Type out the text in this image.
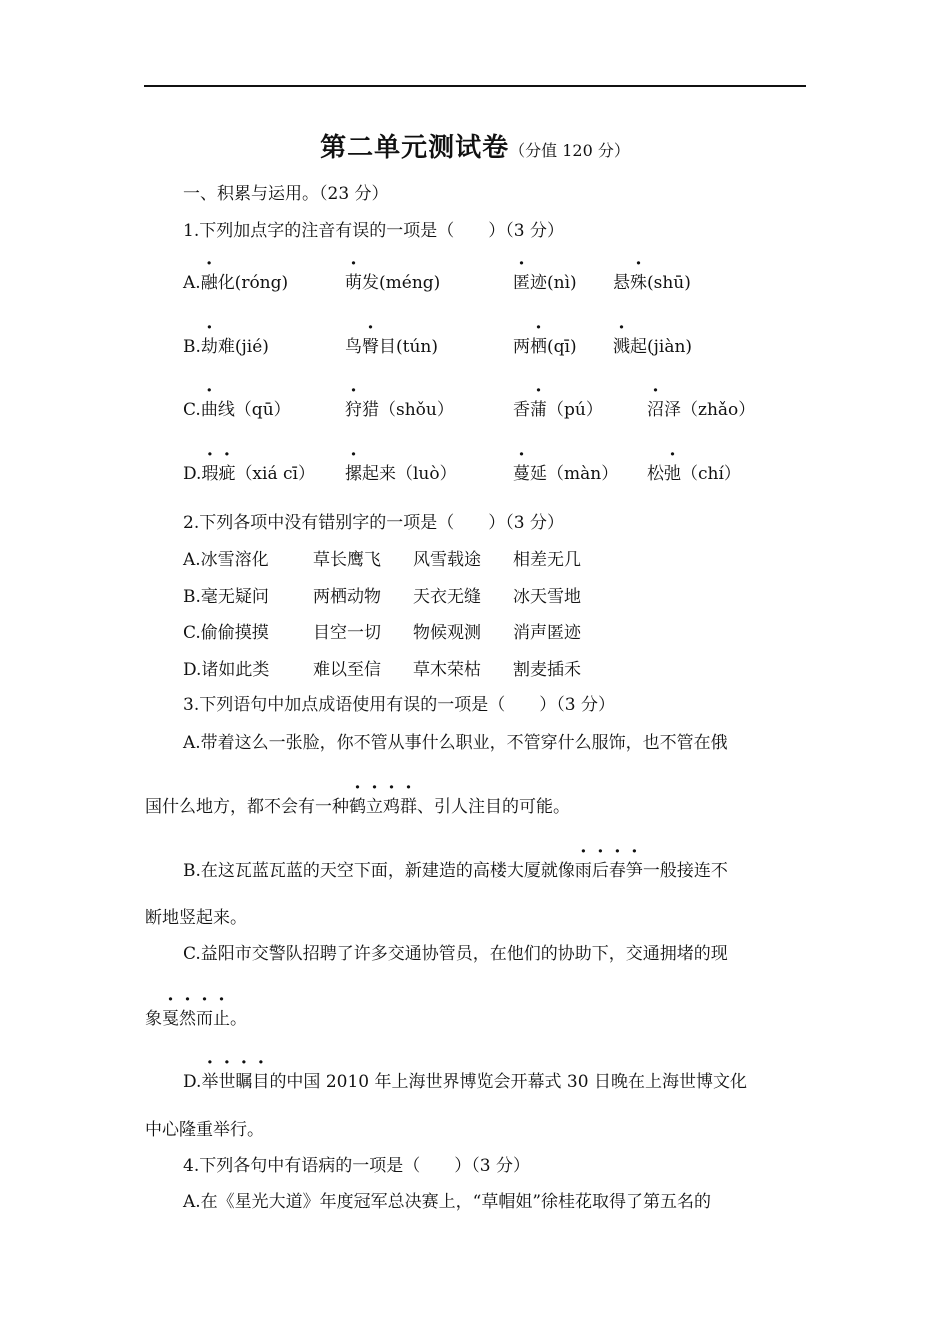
第二单元测试卷（分值 120 分）
一、积累与运用。（23 分）
1.下列加点字的注音有误的一项是（　　）（3 分）
A.融化(róng)	萌发(méng)	匿迹(nì) 悬殊(shū)
B.劫难(jié)	鸟臀目(tún)	两栖(qī) 溅起(jiàn)
C.曲线（qū）	狩猎（shǒu）	香蒲（pú）	沼泽（zhǎo）
D.瑕疵（xiá cī） 摞起来（luò）	蔓延（màn） 松弛（chí）
2.下列各项中没有错别字的一项是（　　）（3 分）
A.冰雪溶化	草长鹰飞 风雪载途 相差无几
B.毫无疑问	两栖动物 天衣无缝 冰天雪地
C.偷偷摸摸	目空一切 物候观测 消声匿迹
D.诸如此类	难以至信 草木荣枯 割麦插禾
3.下列语句中加点成语使用有误的一项是（　　）（3 分）
A.带着这么一张脸，你不管从事什么职业，不管穿什么服饰，也不管在俄
国什么地方，都不会有一种鹤立鸡群、引人注目的可能。
B.在这瓦蓝瓦蓝的天空下面，新建造的高楼大厦就像雨后春笋一般接连不
断地竖起来。
C.益阳市交警队招聘了许多交通协管员，在他们的协助下，交通拥堵的现
象戛然而止。
D.举世瞩目的中国 2010 年上海世界博览会开幕式 30 日晚在上海世博文化
中心隆重举行。
4.下列各句中有语病的一项是（　　）（3 分）
A.在《星光大道》年度冠军总决赛上，“草帽姐”徐桂花取得了第五名的
